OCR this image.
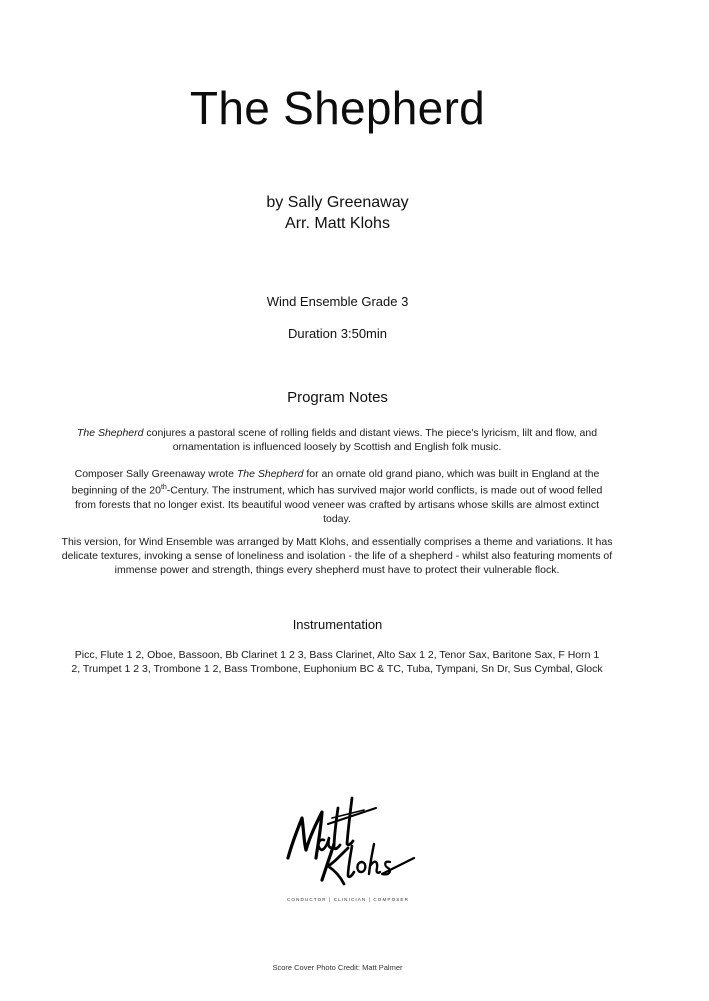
The Shepherd
by Sally Greenaway
Arr. Matt Klohs
Wind Ensemble Grade 3
Duration 3:50min
Program Notes

The Shepherd conjures a pastoral scene of rolling fields and distant views. The piece's lyricism, lilt and flow, and ornamentation is influenced loosely by Scottish and English folk music.

Composer Sally Greenaway wrote The Shepherd for an ornate old grand piano, which was built in England at the beginning of the 20th-Century. The instrument, which has survived major world conflicts, is made out of wood felled from forests that no longer exist. Its beautiful wood veneer was crafted by artisans whose skills are almost extinct today.

This version, for Wind Ensemble was arranged by Matt Klohs, and essentially comprises a theme and variations. It has delicate textures, invoking a sense of loneliness and isolation - the life of a shepherd - whilst also featuring moments of immense power and strength, things every shepherd must have to protect their vulnerable flock.

Instrumentation

Picc, Flute 1 2, Oboe, Bassoon, Bb Clarinet 1 2 3, Bass Clarinet, Alto Sax 1 2, Tenor Sax, Baritone Sax, F Horn 1 2, Trumpet 1 2 3, Trombone 1 2, Bass Trombone, Euphonium BC & TC, Tuba, Tympani, Sn Dr, Sus Cymbal, Glock

CONDUCTOR | CLINICIAN | COMPOSER
Score Cover Photo Credit: Matt Palmer
